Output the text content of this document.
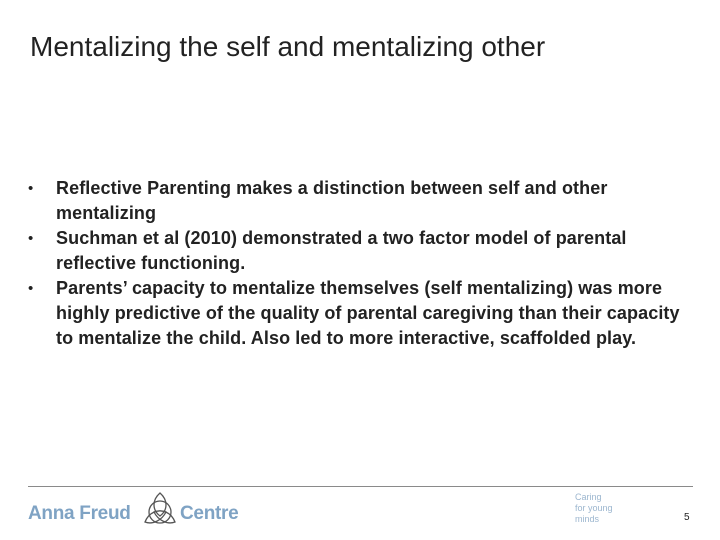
Mentalizing the self and mentalizing other
• Reflective Parenting makes a distinction between self and other mentalizing
• Suchman et al (2010) demonstrated a two factor model of parental reflective functioning.
• Parents’ capacity to mentalize themselves (self mentalizing) was more highly predictive of the quality of parental caregiving than their capacity to mentalize the child. Also led to more interactive, scaffolded play.
Anna Freud	Centre
Caring
for young
minds	5
